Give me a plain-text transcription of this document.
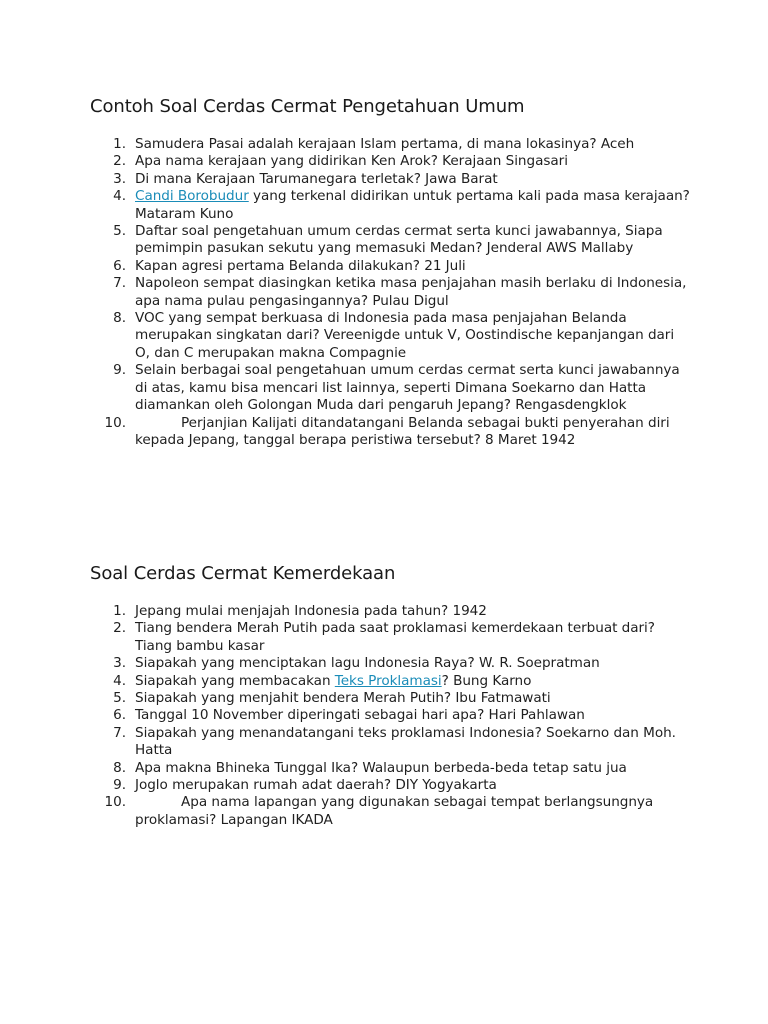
Contoh Soal Cerdas Cermat Pengetahuan Umum
1. Samudera Pasai adalah kerajaan Islam pertama, di mana lokasinya? Aceh
2. Apa nama kerajaan yang didirikan Ken Arok? Kerajaan Singasari
3. Di mana Kerajaan Tarumanegara terletak? Jawa Barat
4. Candi Borobudur yang terkenal didirikan untuk pertama kali pada masa kerajaan? Mataram Kuno
5. Daftar soal pengetahuan umum cerdas cermat serta kunci jawabannya, Siapa pemimpin pasukan sekutu yang memasuki Medan? Jenderal AWS Mallaby
6. Kapan agresi pertama Belanda dilakukan? 21 Juli
7. Napoleon sempat diasingkan ketika masa penjajahan masih berlaku di Indonesia, apa nama pulau pengasingannya? Pulau Digul
8. VOC yang sempat berkuasa di Indonesia pada masa penjajahan Belanda merupakan singkatan dari? Vereenigde untuk V, Oostindische kepanjangan dari O, dan C merupakan makna Compagnie
9. Selain berbagai soal pengetahuan umum cerdas cermat serta kunci jawabannya di atas, kamu bisa mencari list lainnya, seperti Dimana Soekarno dan Hatta diamankan oleh Golongan Muda dari pengaruh Jepang? Rengasdengklok
10.	Perjanjian Kalijati ditandatangani Belanda sebagai bukti penyerahan diri kepada Jepang, tanggal berapa peristiwa tersebut? 8 Maret 1942
Soal Cerdas Cermat Kemerdekaan
1. Jepang mulai menjajah Indonesia pada tahun? 1942
2. Tiang bendera Merah Putih pada saat proklamasi kemerdekaan terbuat dari? Tiang bambu kasar
3. Siapakah yang menciptakan lagu Indonesia Raya? W. R. Soepratman
4. Siapakah yang membacakan Teks Proklamasi? Bung Karno
5. Siapakah yang menjahit bendera Merah Putih? Ibu Fatmawati
6. Tanggal 10 November diperingati sebagai hari apa? Hari Pahlawan
7. Siapakah yang menandatangani teks proklamasi Indonesia? Soekarno dan Moh. Hatta
8. Apa makna Bhineka Tunggal Ika? Walaupun berbeda-beda tetap satu jua
9. Joglo merupakan rumah adat daerah? DIY Yogyakarta
10.	Apa nama lapangan yang digunakan sebagai tempat berlangsungnya proklamasi? Lapangan IKADA
